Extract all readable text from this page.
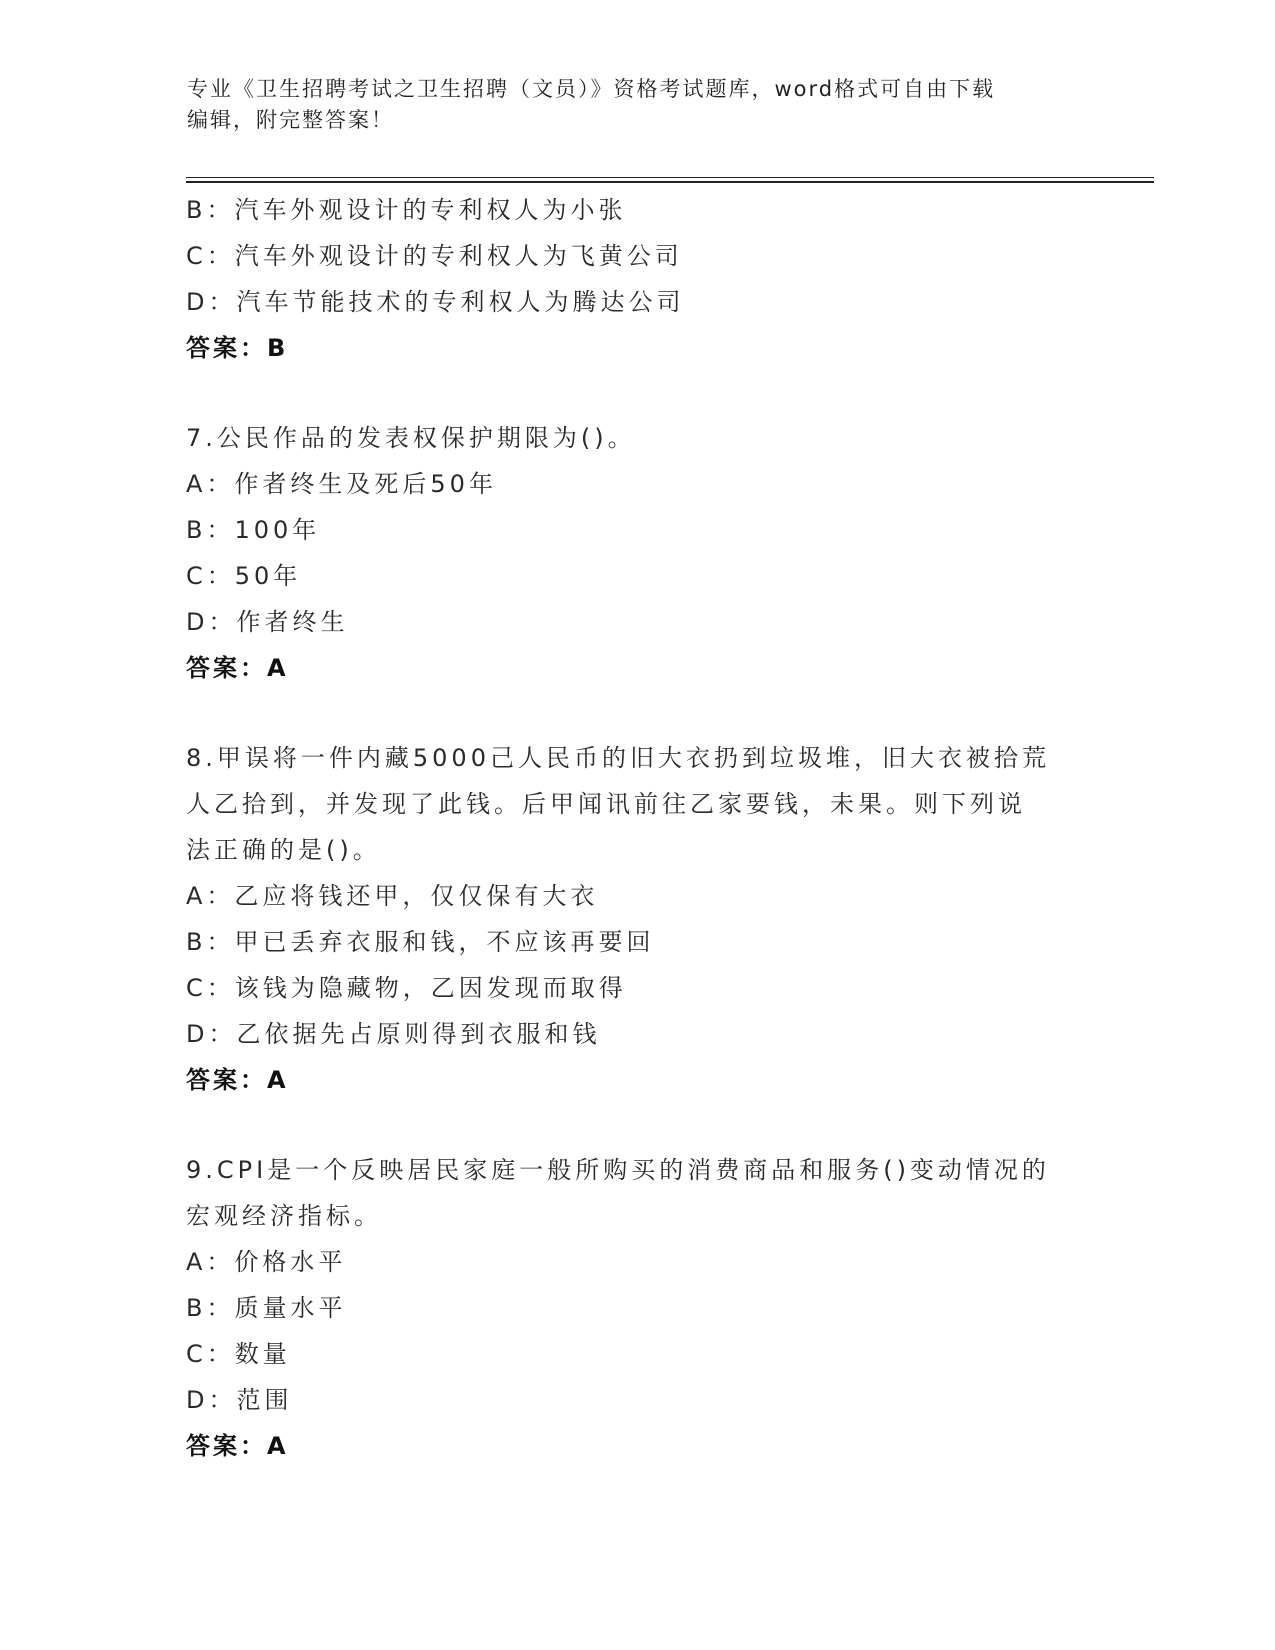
专业《卫生招聘考试之卫生招聘（文员）》资格考试题库，word格式可自由下载
编辑，附完整答案！
B：汽车外观设计的专利权人为小张
C：汽车外观设计的专利权人为飞黄公司
D：汽车节能技术的专利权人为腾达公司
答案：B
7.公民作品的发表权保护期限为()。
A：作者终生及死后50年
B：100年
C：50年
D：作者终生
答案：A
8.甲误将一件内藏5000己人民币的旧大衣扔到垃圾堆，旧大衣被拾荒
人乙拾到，并发现了此钱。后甲闻讯前往乙家要钱，未果。则下列说
法正确的是()。
A：乙应将钱还甲，仅仅保有大衣
B：甲已丢弃衣服和钱，不应该再要回
C：该钱为隐藏物，乙因发现而取得
D：乙依据先占原则得到衣服和钱
答案：A
9.CPI是一个反映居民家庭一般所购买的消费商品和服务()变动情况的
宏观经济指标。
A：价格水平
B：质量水平
C：数量
D：范围
答案：A
